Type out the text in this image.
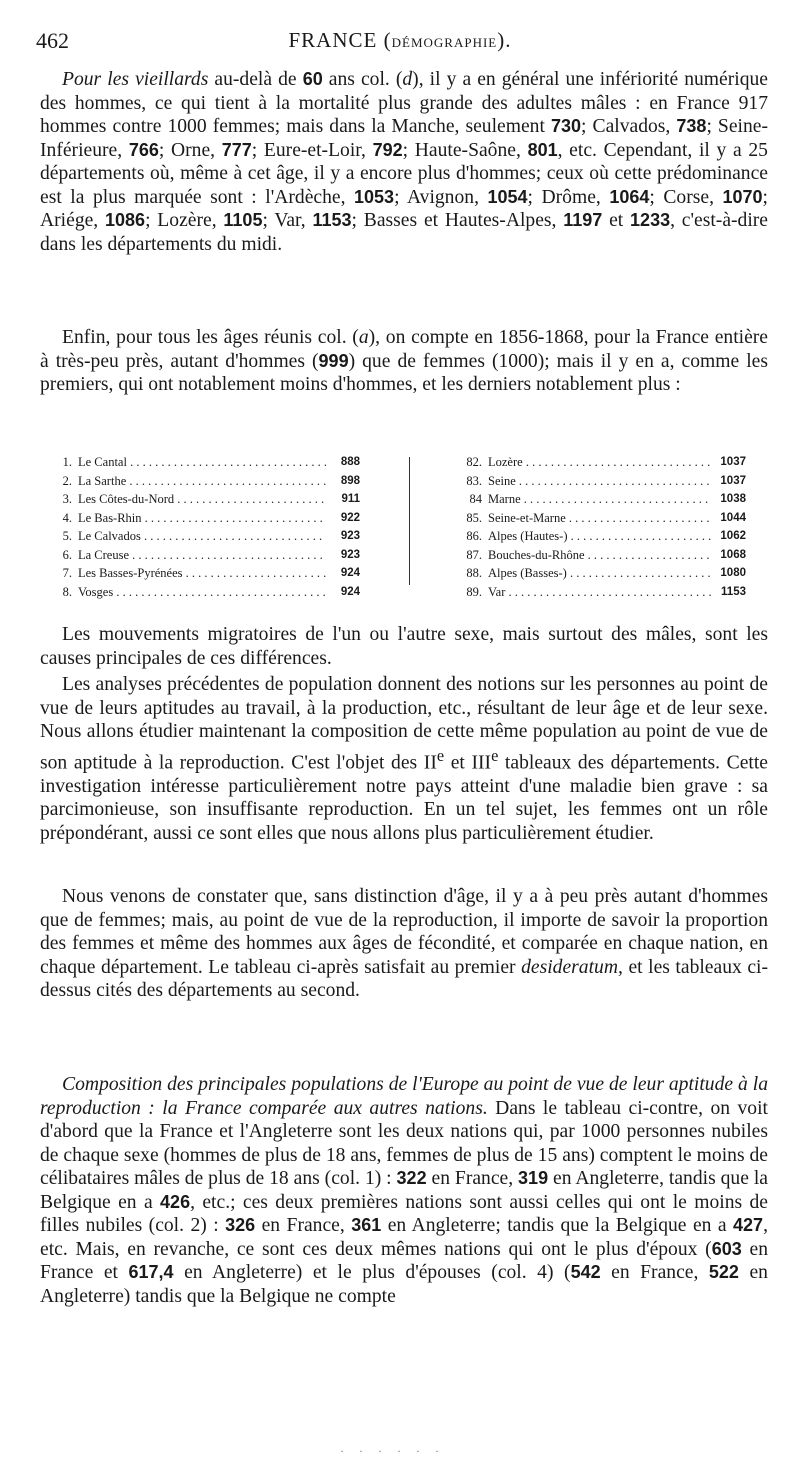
462	FRANCE (DÉMOGRAPHIE).

Pour les vieillards au-delà de 60 ans col. (d), il y a en général une infériorité numérique des hommes, ce qui tient à la mortalité plus grande des adultes mâles : en France 917 hommes contre 1000 femmes; mais dans la Manche, seulement 730; Calvados, 738; Seine-Inférieure, 766; Orne, 777; Eure-et-Loir, 792; Haute-Saône, 801, etc. Cependant, il y a 25 départements où, même à cet âge, il y a encore plus d'hommes; ceux où cette prédominance est la plus marquée sont : l'Ardèche, 1053; Avignon, 1054; Drôme, 1064; Corse, 1070; Ariége, 1086; Lozère, 1105; Var, 1153; Basses et Hautes-Alpes, 1197 et 1233, c'est-à-dire dans les départements du midi.

Enfin, pour tous les âges réunis col. (a), on compte en 1856-1868, pour la France entière à très-peu près, autant d'hommes (999) que de femmes (1000); mais il y en a, comme les premiers, qui ont notablement moins d'hommes, et les derniers notablement plus :

1. Le Cantal . . .	888
2. La Sarthe . . .	898
3. Les Côtes-du-Nord . . .	911
4. Le Bas-Rhin . . .	922
5. Le Calvados . . .	923
6. La Creuse . . .	923
7. Les Basses-Pyrénées . . .	924
8. Vosges . . .	924
82. Lozère . . .	1037
83. Seine . . .	1037
84 Marne . . .	1038
85. Seine-et-Marne . . .	1044
86. Alpes (Hautes-) . . .	1062
87. Bouches-du-Rhône . . .	1068
88. Alpes (Basses-) . . .	1080
89. Var . . .	1153

Les mouvements migratoires de l'un ou l'autre sexe, mais surtout des mâles, sont les causes principales de ces différences.

Les analyses précédentes de population donnent des notions sur les personnes au point de vue de leurs aptitudes au travail, à la production, etc., résultant de leur âge et de leur sexe. Nous allons étudier maintenant la composition de cette même population au point de vue de son aptitude à la reproduction. C'est l'objet des IIe et IIIe tableaux des départements. Cette investigation intéresse particulièrement notre pays atteint d'une maladie bien grave : sa parcimonieuse, son insuffisante reproduction. En un tel sujet, les femmes ont un rôle prépondérant, aussi ce sont elles que nous allons plus particulièrement étudier.

Nous venons de constater que, sans distinction d'âge, il y a à peu près autant d'hommes que de femmes; mais, au point de vue de la reproduction, il importe de savoir la proportion des femmes et même des hommes aux âges de fécondité, et comparée en chaque nation, en chaque département. Le tableau ci-après satisfait au premier desideratum, et les tableaux ci-dessus cités des départements au second.

Composition des principales populations de l'Europe au point de vue de leur aptitude à la reproduction : la France comparée aux autres nations. Dans le tableau ci-contre, on voit d'abord que la France et l'Angleterre sont les deux nations qui, par 1000 personnes nubiles de chaque sexe (hommes de plus de 18 ans, femmes de plus de 15 ans) comptent le moins de célibataires mâles de plus de 18 ans (col. 1) : 322 en France, 319 en Angleterre, tandis que la Belgique en a 426, etc.; ces deux premières nations sont aussi celles qui ont le moins de filles nubiles (col. 2) : 326 en France, 361 en Angleterre; tandis que la Belgique en a 427, etc. Mais, en revanche, ce sont ces deux mêmes nations qui ont le plus d'époux (603 en France et 617,4 en Angleterre) et le plus d'épouses (col. 4) (542 en France, 522 en Angleterre) tandis que la Belgique ne compte

· · · · · ·
